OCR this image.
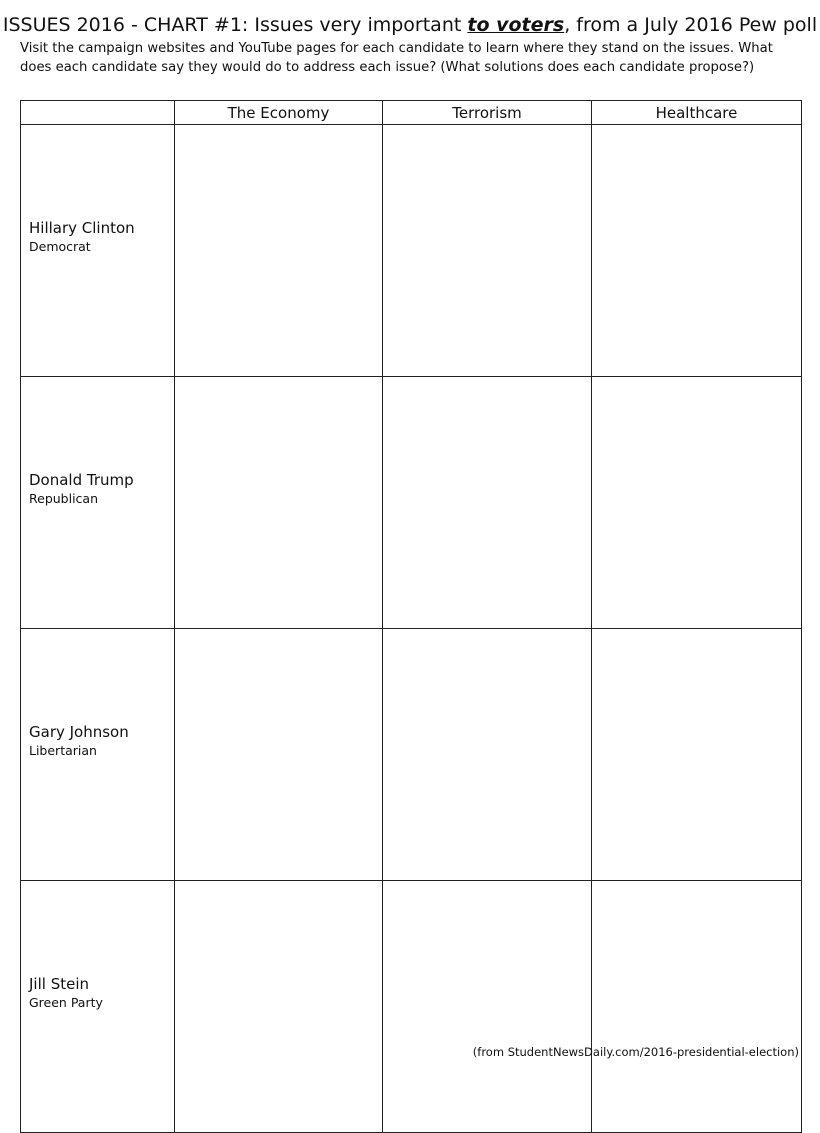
ISSUES 2016 - CHART #1: Issues very important to voters, from a July 2016 Pew poll
Visit the campaign websites and YouTube pages for each candidate to learn where they stand on the issues. What
does each candidate say they would do to address each issue? (What solutions does each candidate propose?)
	The Economy	Terrorism	Healthcare

Hillary Clinton
Democrat			

Donald Trump
Republican			

Gary Johnson
Libertarian			

Jill Stein
Green Party			

(from StudentNewsDaily.com/2016-presidential-election)
